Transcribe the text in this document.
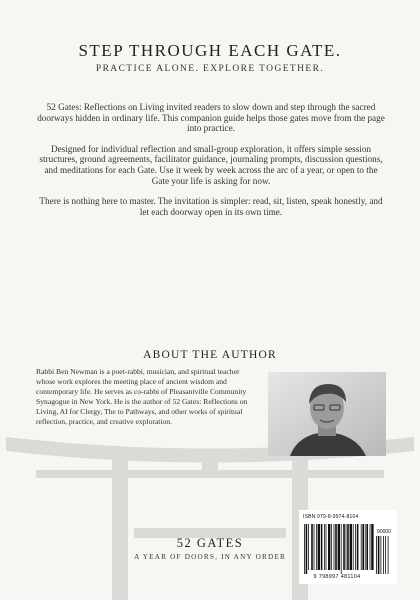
STEP THROUGH EACH GATE.
PRACTICE ALONE. EXPLORE TOGETHER.

52 Gates: Reflections on Living invited readers to slow down and step through the sacred doorways hidden in ordinary life. This companion guide helps those gates move from the page into practice.

Designed for individual reflection and small-group exploration, it offers simple session structures, ground agreements, facilitator guidance, journaling prompts, discussion questions, and meditations for each Gate. Use it week by week across the arc of a year, or open to the Gate your life is asking for now.

There is nothing here to master. The invitation is simpler: read, sit, listen, speak honestly, and let each doorway open in its own time.

ABOUT THE AUTHOR
Rabbi Ben Newman is a poet-rabbi, musician, and spiritual teacher whose work explores the meeting place of ancient wisdom and contemporary life. He serves as co-rabbi of Pleasantville Community Synagogue in New York. He is the author of 52 Gates: Reflections on Living, AI for Clergy, The to Pathways, and other works of spiritual reflection, practice, and creative exploration.
52 GATES
A YEAR OF DOORS, IN ANY ORDER
ISBN 979-8-9974-8104
90000
9 798997 481104
